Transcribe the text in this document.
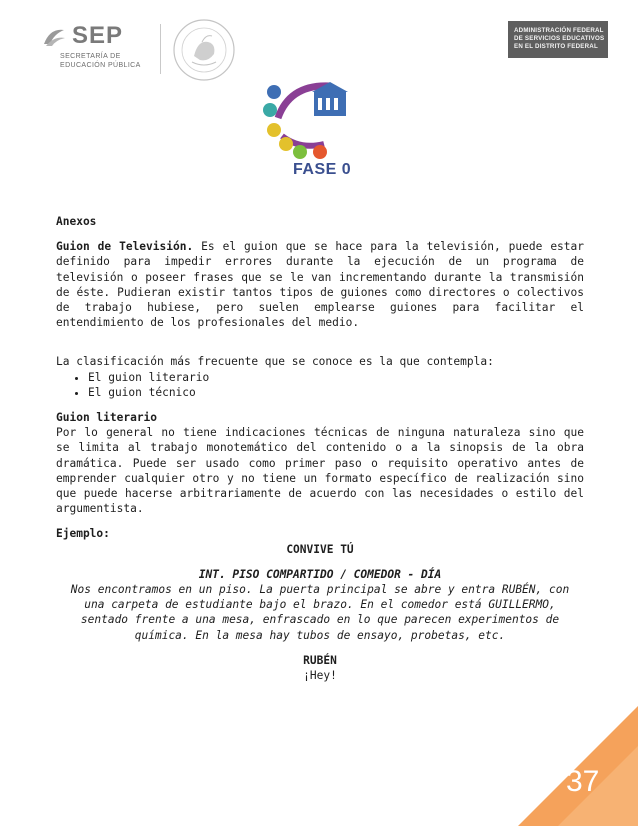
SEP
SECRETARÍA DE
EDUCACIÓN PÚBLICA
ADMINISTRACIÓN FEDERAL
DE SERVICIOS EDUCATIVOS
EN EL DISTRITO FEDERAL
FASE 0

Anexos

Guion de Televisión. Es el guion que se hace para la televisión, puede estar definido para impedir errores durante la ejecución de un programa de televisión o poseer frases que se le van incrementando durante la transmisión de éste. Pudieran existir tantos tipos de guiones como directores o colectivos de trabajo hubiese, pero suelen emplearse guiones para facilitar el entendimiento de los profesionales del medio.

La clasificación más frecuente que se conoce es la que contempla:

• El guion literario
• El guion técnico

Guion literario

Por lo general no tiene indicaciones técnicas de ninguna naturaleza sino que se limita al trabajo monotemático del contenido o a la sinopsis de la obra dramática. Puede ser usado como primer paso o requisito operativo antes de emprender cualquier otro y no tiene un formato específico de realización sino que puede hacerse arbitrariamente de acuerdo con las necesidades o estilo del argumentista.

Ejemplo:

CONVIVE TÚ

INT. PISO COMPARTIDO / COMEDOR - DÍA

Nos encontramos en un piso. La puerta principal se abre y entra RUBÉN, con una carpeta de estudiante bajo el brazo. En el comedor está GUILLERMO, sentado frente a una mesa, enfrascado en lo que parecen experimentos de química. En la mesa hay tubos de ensayo, probetas, etc.

RUBÉN

¡Hey!

37
